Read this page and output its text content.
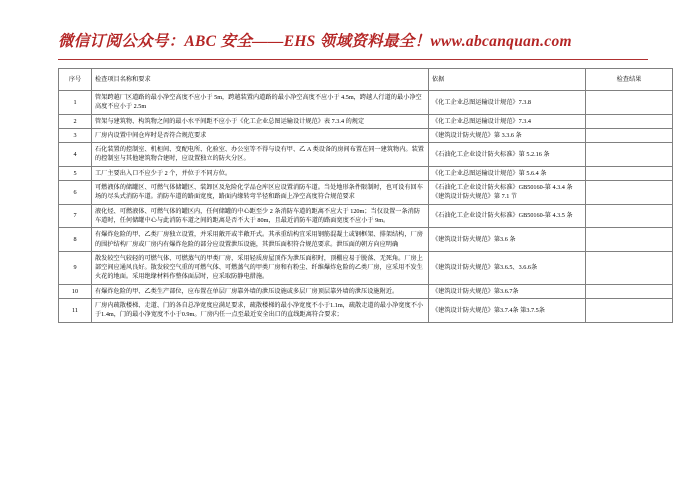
微信订阅公众号：ABC 安全——EHS 领域资料最全！www.abcanquan.com
序号	检查项目名称和要求	依据	检查结果
1	管架跨越厂区道路的最小净空高度不应小于 5m，跨越装置内道路的最小净空高度不应小于 4.5m，跨越人行道的最小净空高度不应小于 2.5m	《化工企业总图运输设计规范》7.3.8	
2	管架与建筑物、构筑物之间的最小水平间距不应小于《化工企业总图运输设计规范》表 7.3.4 的规定	《化工企业总图运输设计规范》7.3.4	
3	厂房内设置中间仓库时是否符合规范要求	《建筑设计防火规范》第 3.3.6 条	
4	石化装置的控制室、机柜间、变配电所、化验室、办公室等不得与设有甲、乙 A 类设备的房间布置在同一建筑物内。装置的控制室与其他建筑物合建时，应设置独立的防火分区。	《石油化工企业设计防火标准》第 5.2.16 条	
5	工厂主要出入口不应少于 2 个，并位于不同方位。	《化工企业总图运输设计规范》第 5.6.4 条	
6	可燃液体的储罐区、可燃气体储罐区、装卸区及危险化学品仓库区应设置消防车道。当处地形条件限制时，也可设有回车场的尽头式消防车道。消防车道的路面宽度，路面内缘转弯半径和路面上净空高度符合规范要求	《石油化工企业设计防火标准》GB50160-第 4.3.4 条 《建筑设计防火规范》第 7.1 节	
7	液化烃、可燃液体、可燃气体的罐区内，任何储罐的中心距至少 2 条消防车道的距离不应大于 120m；当仅设置一条消防车道时，任何储罐中心与此消防车道之间的距离是否不大于 80m，且最近消防车道的路面宽度不应小于 9m。	《石油化工企业设计防火标准》GB50160-第 4.3.5 条	
8	有爆炸危险的甲、乙类厂房独立设置，并采用敞开或半敞开式。其承重结构宜采用钢筋混凝土或钢框架、排架结构，厂房的围护结构厂房或厂房内有爆炸危险的部分应设置泄压设施，其泄压面积符合规范要求。泄压面的朝方向应明确	《建筑设计防火规范》第3.6 条	
9	散发较空气较轻的可燃气体、可燃蒸气的甲类厂房，采用轻质房屋顶作为泄压面积时，顶棚应易于脱落、无死角。厂房上部空间应通风良好。散发较空气重的可燃气体、可燃蒸气的甲类厂房和有粉尘、纤维爆炸危险的乙类厂房，应采用不发生火花的地面。采用绝缘材料作整体面层时，应采取防静电措施。	《建筑设计防火规范》第3.6.5、3.6.6条	
10	有爆炸危险的甲、乙类生产部位，应布置在单层厂房靠外墙的泄压设施或多层厂房顶层靠外墙的泄压设施附近。	《建筑设计防火规范》第3.6.7条	
11	厂房内疏散楼梯、走道、门的各自总净宽度应满足要求，疏散楼梯的最小净宽度不小于1.1m，疏散走道的最小净宽度不小于1.4m，门的最小净宽度不小于0.9m。厂房内任一点至最近安全出口的直线距离符合要求；	《建筑设计防火规范》第3.7.4条 第3.7.5条	
